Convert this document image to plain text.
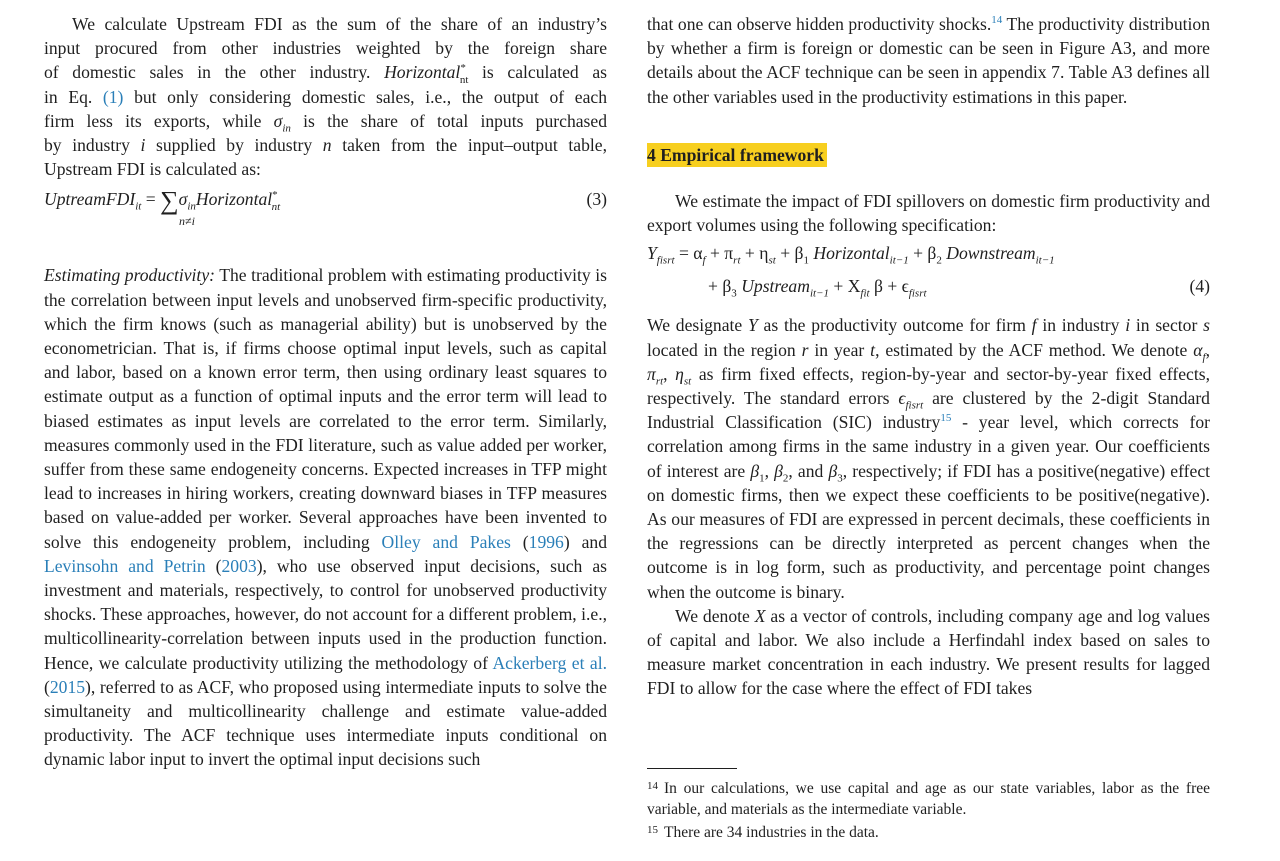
We calculate Upstream FDI as the sum of the share of an industry’s
input procured from other industries weighted by the foreign share
of domestic sales in the other industry. Horizontal*$_{nt}$ is calculated as
in Eq. (1) but only considering domestic sales, i.e., the output of each
firm less its exports, while $\sigma_{in}$ is the share of total inputs purchased
by industry i supplied by industry n taken from the input–output table,
Upstream FDI is calculated as:
UptreamFDI$_{it}$ = $\sum\sigma_{in}Horizontal^*_{nt}$
n≠i
(3)

Estimating productivity: The traditional problem with estimating productivity is the correlation between input levels and unobserved firm-specific productivity, which the firm knows (such as managerial ability) but is unobserved by the econometrician. That is, if firms choose optimal input levels, such as capital and labor, based on a known error term, then using ordinary least squares to estimate output as a function of optimal inputs and the error term will lead to biased estimates as input levels are correlated to the error term. Similarly, measures commonly used in the FDI literature, such as value added per worker, suffer from these same endogeneity concerns. Expected increases in TFP might lead to increases in hiring workers, creating downward biases in TFP measures based on value-added per worker. Several approaches have been invented to solve this endogeneity problem, including Olley and Pakes (1996) and Levinsohn and Petrin (2003), who use observed input decisions, such as investment and materials, respectively, to control for unobserved productivity shocks. These approaches, however, do not account for a different problem, i.e., multicollinearity-correlation between inputs used in the production function. Hence, we calculate productivity utilizing the methodology of Ackerberg et al. (2015), referred to as ACF, who proposed using intermediate inputs to solve the simultaneity and multicollinearity challenge and estimate value-added productivity. The ACF technique uses intermediate inputs conditional on dynamic labor input to invert the optimal input decisions such

that one can observe hidden productivity shocks.$^{14}$ The productivity distribution by whether a firm is foreign or domestic can be seen in Figure A3, and more details about the ACF technique can be seen in appendix 7. Table A3 defines all the other variables used in the productivity estimations in this paper.

4 Empirical framework

We estimate the impact of FDI spillovers on domestic firm productivity and export volumes using the following specification:

$Y_{fisrt} = \alpha_f + \pi_{rt} + \eta_{st} + \beta_1$ Horizontal$_{it-1}$ + $\beta_2$ Downstream$_{it-1}$
+ $\beta_3$ Upstream$_{it-1}$ + $X_{fit}$ $\beta + \epsilon_{fisrt}$	(4)

We designate Y as the productivity outcome for firm f in industry i in sector s located in the region r in year t, estimated by the ACF method. We denote $\alpha_f$, $\pi_{rt}$, $\eta_{st}$ as firm fixed effects, region-by-year and sector-by-year fixed effects, respectively. The standard errors $\epsilon_{fisrt}$ are clustered by the 2-digit Standard Industrial Classification (SIC) industry$^{15}$ - year level, which corrects for correlation among firms in the same industry in a given year. Our coefficients of interest are $\beta_1$, $\beta_2$, and $\beta_3$, respectively; if FDI has a positive(negative) effect on domestic firms, then we expect these coefficients to be positive(negative). As our measures of FDI are expressed in percent decimals, these coefficients in the regressions can be directly interpreted as percent changes when the outcome is in log form, such as productivity, and percentage point changes when the outcome is binary.

We denote X as a vector of controls, including company age and log values of capital and labor. We also include a Herfindahl index based on sales to measure market concentration in each industry. We present results for lagged FDI to allow for the case where the effect of FDI takes

$^{14}$ In our calculations, we use capital and age as our state variables, labor as the free variable, and materials as the intermediate variable.

$^{15}$ There are 34 industries in the data.
